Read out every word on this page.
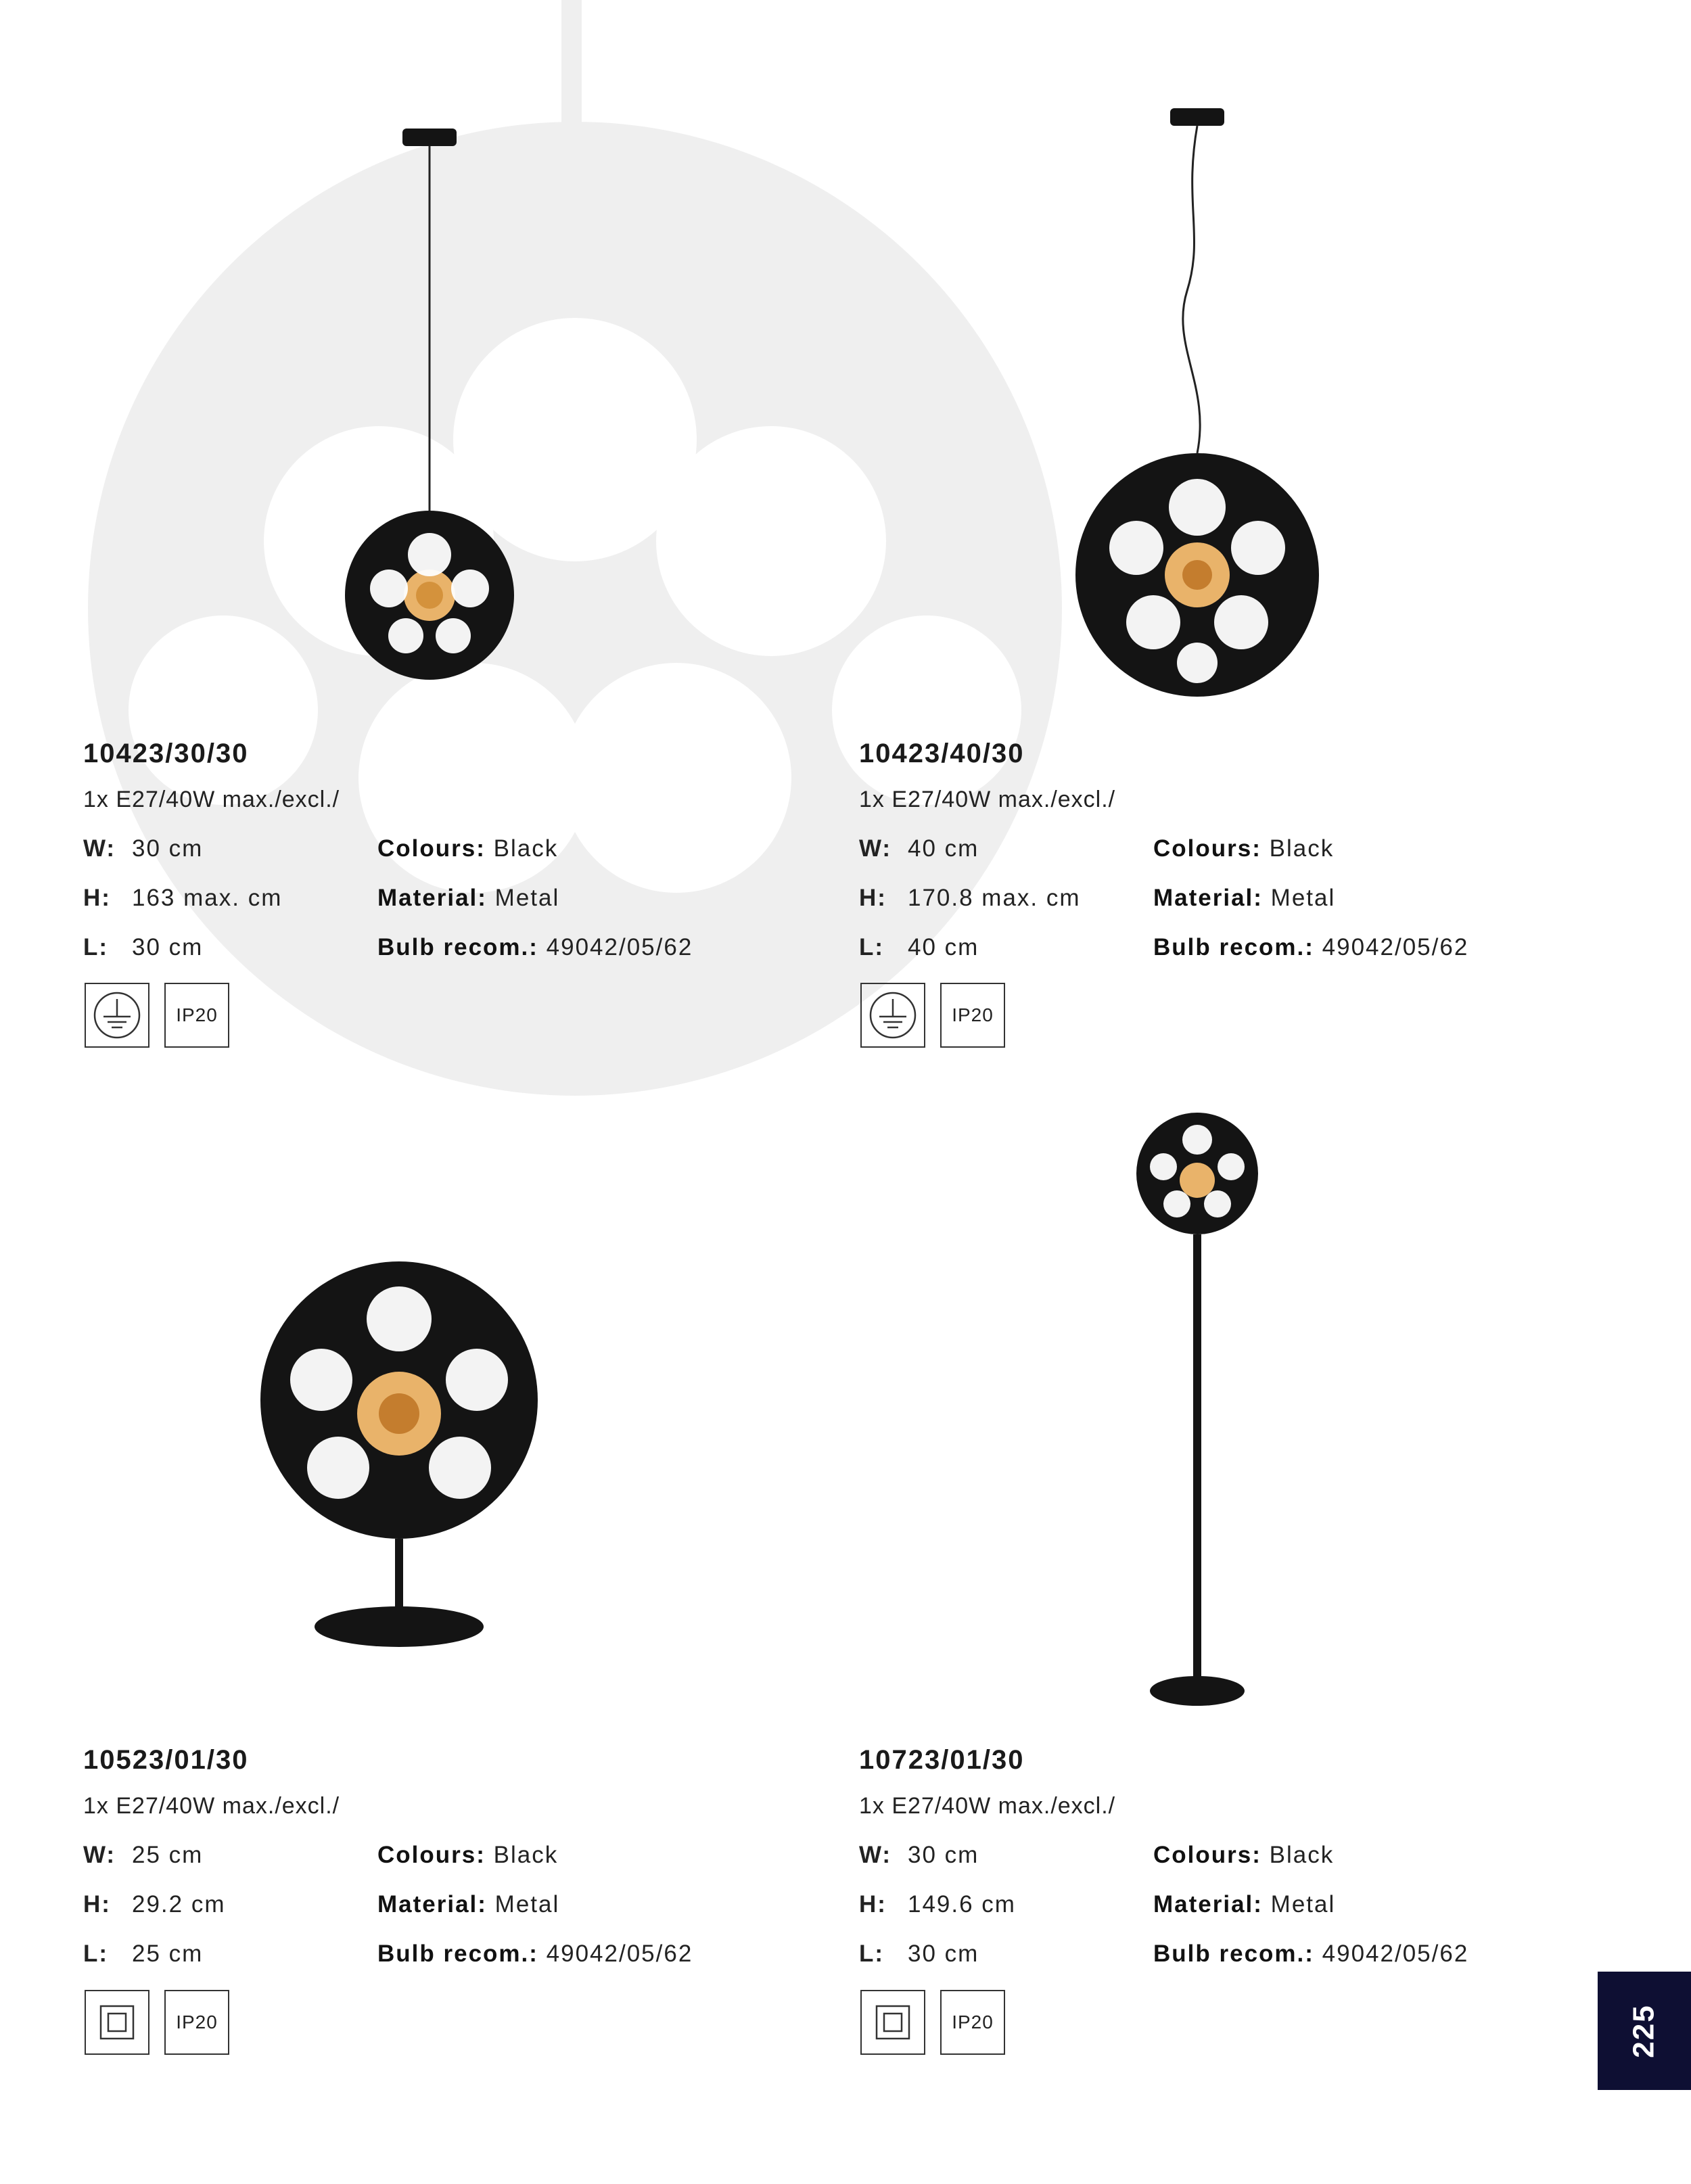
10423/30/30
1x E27/40W max./excl./
W: 30 cm
H: 163 max. cm
L: 30 cm
Colours: Black
Material: Metal
Bulb recom.: 49042/05/62
IP20
10423/40/30
1x E27/40W max./excl./
W: 40 cm
H: 170.8 max. cm
L: 40 cm
Colours: Black
Material: Metal
Bulb recom.: 49042/05/62
IP20
10523/01/30
1x E27/40W max./excl./
W: 25 cm
H: 29.2 cm
L: 25 cm
Colours: Black
Material: Metal
Bulb recom.: 49042/05/62
IP20
10723/01/30
1x E27/40W max./excl./
W: 30 cm
H: 149.6 cm
L: 30 cm
Colours: Black
Material: Metal
Bulb recom.: 49042/05/62
IP20	225
